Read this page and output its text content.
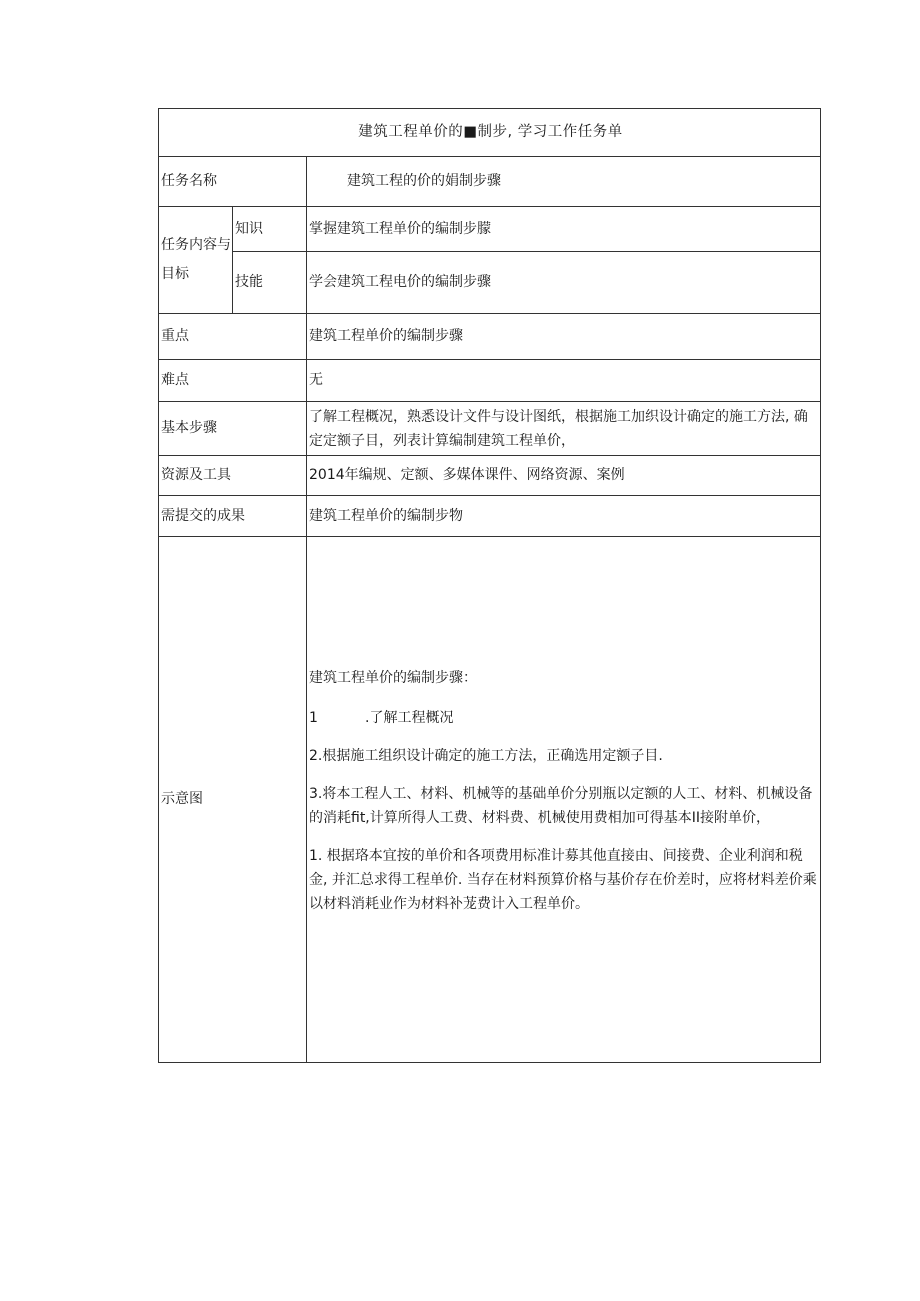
建筑工程单价的■制步, 学习工作任务单		
任务名称		建筑工程的价的娟制步骤
任务内容与目标	知识	掌握建筑工程单价的编制步朦
	技能	学会建筑工程电价的编制步骤
重点		建筑工程单价的编制步骤
难点		无
基本步骤		了解工程概况，熟悉设计文件与设计图纸，根据施工加织设计确定的施工方法, 确定定额子目，列表计算编制建筑工程单价，
资源及工具		2014年编规、定额、多媒体课件、网络资源、案例
需提交的成果		建筑工程单价的编制步物
示意图		建筑工程单价的编制步骤：

1 .了解工程概况

2.根据施工组织设计确定的施工方法，正确选用定额子目.

3.将本工程人工、材料、机械等的基础单价分别瓶以定额的人工、材料、机械设备的消耗fit,计算所得人工费、材料费、机械使用费相加可得基本II接附单价，

1. 根据珞本宜按的单价和各项费用标准计募其他直接由、间接费、企业利润和税金, 并汇总求得工程单价. 当存在材料预算价格与基价存在价差时，应将材料差价乘以材料消耗业作为材料补茏费计入工程单价。
